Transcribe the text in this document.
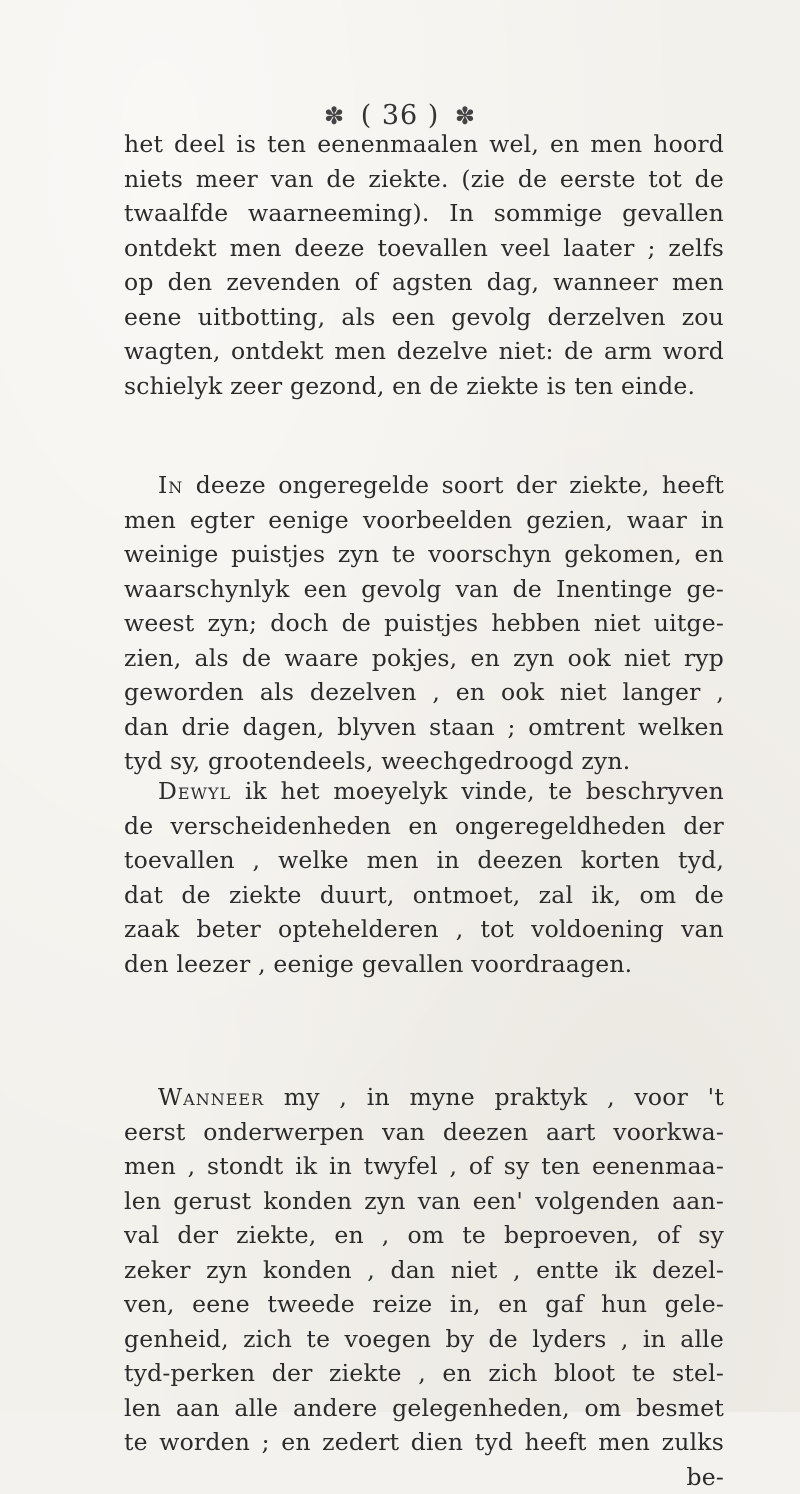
✽ ( 36 ) ✽
het deel is ten eenenmaalen wel, en men hoord
niets meer van de ziekte. (zie de eerste tot de
twaalfde waarneeming). In sommige gevallen
ontdekt men deeze toevallen veel laater ; zelfs
op den zevenden of agsten dag, wanneer men
eene uitbotting, als een gevolg derzelven zou
wagten, ontdekt men dezelve niet: de arm word
schielyk zeer gezond, en de ziekte is ten einde.
In deeze ongeregelde soort der ziekte, heeft
men egter eenige voorbeelden gezien, waar in
weinige puistjes zyn te voorschyn gekomen, en
waarschynlyk een gevolg van de Inentinge ge-
weest zyn; doch de puistjes hebben niet uitge-
zien, als de waare pokjes, en zyn ook niet ryp
geworden als dezelven , en ook niet langer ,
dan drie dagen, blyven staan ; omtrent welken
tyd sy, grootendeels, weechgedroogd zyn.
Dewyl ik het moeyelyk vinde, te beschryven
de verscheidenheden en ongeregeldheden der
toevallen , welke men in deezen korten tyd,
dat de ziekte duurt, ontmoet, zal ik, om de
zaak beter optehelderen , tot voldoening van
den leezer , eenige gevallen voordraagen.
Wanneer my , in myne praktyk , voor 't
eerst onderwerpen van deezen aart voorkwa-
men , stondt ik in twyfel , of sy ten eenenmaa-
len gerust konden zyn van een' volgenden aan-
val der ziekte, en , om te beproeven, of sy
zeker zyn konden , dan niet , entte ik dezel-
ven, eene tweede reize in, en gaf hun gele-
genheid, zich te voegen by de lyders , in alle
tyd-perken der ziekte , en zich bloot te stel-
len aan alle andere gelegenheden, om besmet
te worden ; en zedert dien tyd heeft men zulks
be-
